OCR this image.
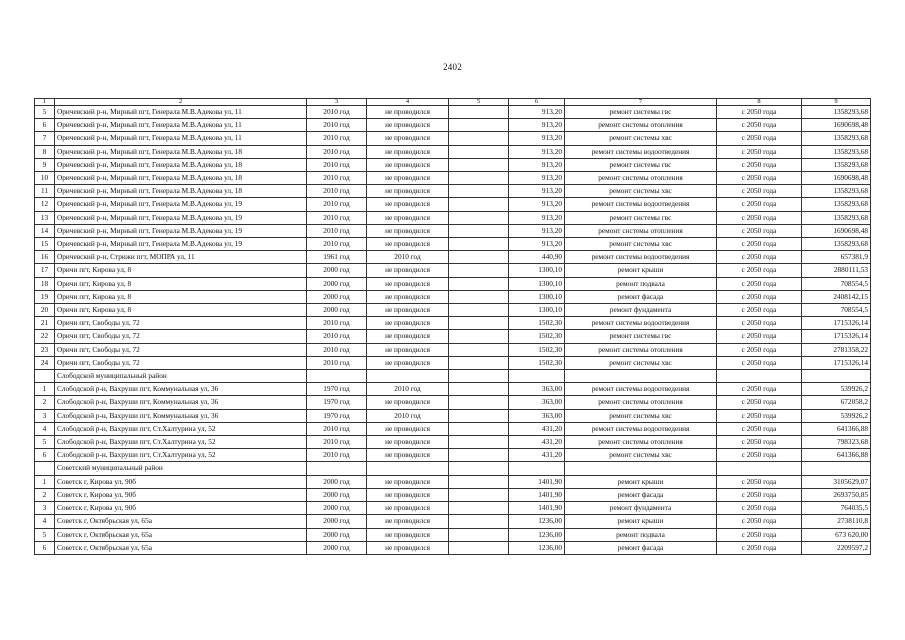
2402
1	2	3	4	5	6	7	8	9
5	Оричевский р-н, Мирный пгт, Генерала М.В.Адекова ул, 11	2010 год	не проводился		913,20	ремонт системы гвс	с 2050 года	1358293,68
6	Оричевский р-н, Мирный пгт, Генерала М.В.Адекова ул, 11	2010 год	не проводился		913,20	ремонт системы отопления	с 2050 года	1690698,48
7	Оричевский р-н, Мирный пгт, Генерала М.В.Адекова ул, 11	2010 год	не проводился		913,20	ремонт системы хвс	с 2050 года	1358293,68
8	Оричевский р-н, Мирный пгт, Генерала М.В.Адекова ул, 18	2010 год	не проводился		913,20	ремонт системы водоотведения	с 2050 года	1358293,68
9	Оричевский р-н, Мирный пгт, Генерала М.В.Адекова ул, 18	2010 год	не проводился		913,20	ремонт системы гвс	с 2050 года	1358293,68
10	Оричевский р-н, Мирный пгт, Генерала М.В.Адекова ул, 18	2010 год	не проводился		913,20	ремонт системы отопления	с 2050 года	1690698,48
11	Оричевский р-н, Мирный пгт, Генерала М.В.Адекова ул, 18	2010 год	не проводился		913,20	ремонт системы хвс	с 2050 года	1358293,68
12	Оричевский р-н, Мирный пгт, Генерала М.В.Адекова ул, 19	2010 год	не проводился		913,20	ремонт системы водоотведения	с 2050 года	1358293,68
13	Оричевский р-н, Мирный пгт, Генерала М.В.Адекова ул, 19	2010 год	не проводился		913,20	ремонт системы гвс	с 2050 года	1358293,68
14	Оричевский р-н, Мирный пгт, Генерала М.В.Адекова ул, 19	2010 год	не проводился		913,20	ремонт системы отопления	с 2050 года	1690698,48
15	Оричевский р-н, Мирный пгт, Генерала М.В.Адекова ул, 19	2010 год	не проводился		913,20	ремонт системы хвс	с 2050 года	1358293,68
16	Оричевский р-н, Стрижи пгт, МОПРА ул, 11	1961 год	2010 год		440,90	ремонт системы водоотведения	с 2050 года	657381,9
17	Оричи пгт, Кирова ул, 8	2000 год	не проводился		1300,10	ремонт крыши	с 2050 года	2880111,53
18	Оричи пгт, Кирова ул, 8	2000 год	не проводился		1300,10	ремонт подвала	с 2050 года	708554,5
19	Оричи пгт, Кирова ул, 8	2000 год	не проводился		1300,10	ремонт фасада	с 2050 года	2408142,15
20	Оричи пгт, Кирова ул, 8	2000 год	не проводился		1300,10	ремонт фундамента	с 2050 года	708554,5
21	Оричи пгт, Свободы ул, 72	2010 год	не проводился		1502,30	ремонт системы водоотведения	с 2050 года	1715326,14
22	Оричи пгт, Свободы ул, 72	2010 год	не проводился		1502,30	ремонт системы гвс	с 2050 года	1715326,14
23	Оричи пгт, Свободы ул, 72	2010 год	не проводился		1502,30	ремонт системы отопления	с 2050 года	2781358,22
24	Оричи пгт, Свободы ул, 72	2010 год	не проводился		1502,30	ремонт системы хвс	с 2050 года	1715326,14
	Слободской муниципальный район							
1	Слободской р-н, Вахруши пгт, Коммунальная ул, 36	1970 год	2010 год		363,00	ремонт системы водоотведения	с 2050 года	539926,2
2	Слободской р-н, Вахруши пгт, Коммунальная ул, 36	1970 год	не проводился		363,00	ремонт системы отопления	с 2050 года	672058,2
3	Слободской р-н, Вахруши пгт, Коммунальная ул, 36	1970 год	2010 год		363,00	ремонт системы хвс	с 2050 года	539926,2
4	Слободской р-н, Вахруши пгт, Ст.Халтурина ул, 52	2010 год	не проводился		431,20	ремонт системы водоотведения	с 2050 года	641366,88
5	Слободской р-н, Вахруши пгт, Ст.Халтурина ул, 52	2010 год	не проводился		431,20	ремонт системы отопления	с 2050 года	798323,68
6	Слободской р-н, Вахруши пгт, Ст.Халтурина ул, 52	2010 год	не проводился		431,20	ремонт системы хвс	с 2050 года	641366,88
	Советский муниципальный район							
1	Советск г, Кирова ул, 90б	2000 год	не проводился		1401,90	ремонт крыши	с 2050 года	3105629,07
2	Советск г, Кирова ул, 90б	2000 год	не проводился		1401,90	ремонт фасада	с 2050 года	2693750,85
3	Советск г, Кирова ул, 90б	2000 год	не проводился		1401,90	ремонт фундамента	с 2050 года	764035,5
4	Советск г, Октябрьская ул, 65а	2000 год	не проводился		1236,00	ремонт крыши	с 2050 года	2738110,8
5	Советск г, Октябрьская ул, 65а	2000 год	не проводился		1236,00	ремонт подвала	с 2050 года	673 620,00
6	Советск г, Октябрьская ул, 65а	2000 год	не проводился		1236,00	ремонт фасада	с 2050 года	2209597,2
